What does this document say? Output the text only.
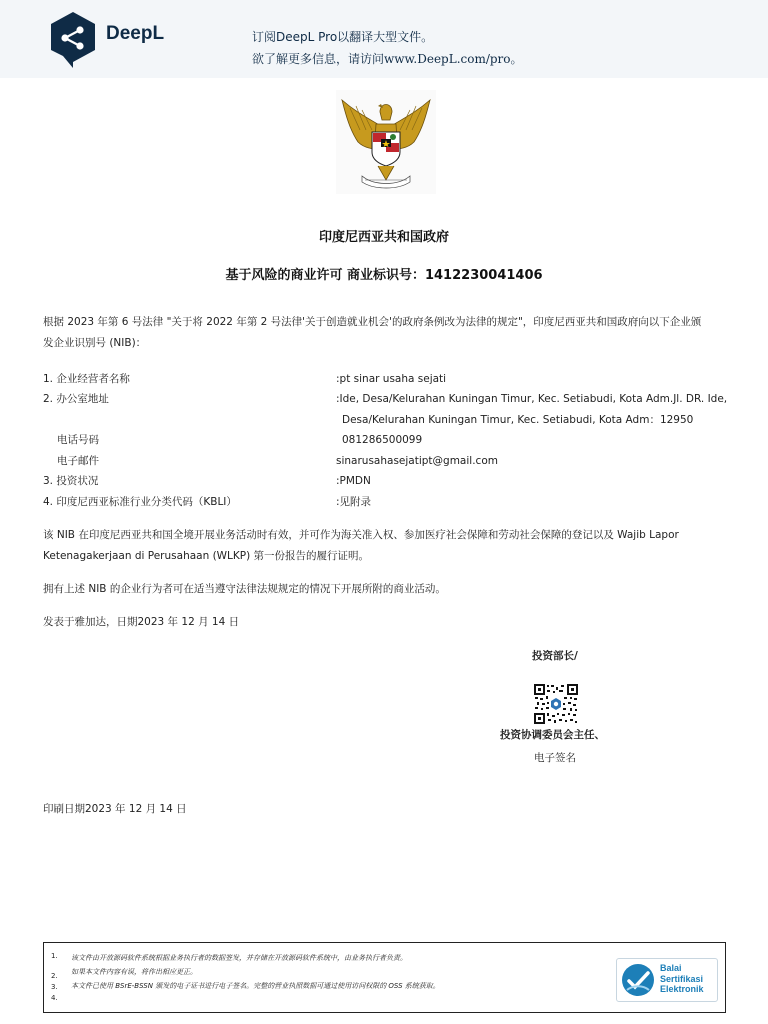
DeepL	订阅DeepL Pro以翻译大型文件。
欲了解更多信息，请访问www.DeepL.com/pro。
印度尼西亚共和国政府
基于风险的商业许可 商业标识号：1412230041406
根据 2023 年第 6 号法律 "关于将 2022 年第 2 号法律'关于创造就业机会'的政府条例改为法律的规定"，印度尼西亚共和国政府向以下企业颁
发企业识别号 (NIB)：
1. 企业经营者名称	:pt sinar usaha sejati
2. 办公室地址	:Ide, Desa/Kelurahan Kuningan Timur, Kec. Setiabudi, Kota Adm.Jl. DR. Ide,
Desa/Kelurahan Kuningan Timur, Kec. Setiabudi, Kota Adm：12950
电话号码	081286500099
电子邮件	sinarusahasejatipt@gmail.com
3. 投资状况	:PMDN
4. 印度尼西亚标准行业分类代码（KBLI）	:见附录
该 NIB 在印度尼西亚共和国全境开展业务活动时有效，并可作为海关准入权、参加医疗社会保障和劳动社会保障的登记以及 Wajib Lapor
Ketenagakerjaan di Perusahaan (WLKP) 第一份报告的履行证明。
拥有上述 NIB 的企业行为者可在适当遵守法律法规规定的情况下开展所附的商业活动。
发表于雅加达，日期2023 年 12 月 14 日
投资部长/
投资协调委员会主任、
电子签名
印刷日期2023 年 12 月 14 日
1. 该文件由开放源码软件系统根据业务执行者的数据签发，并存储在开放源码软件系统中，由业务执行者负责。
2. 如果本文件内容有误，将作出相应更正。
3. 本文件已使用 BSrE-BSSN 颁发的电子证书进行电子签名。完整的营业执照数据可通过使用访问权限的 OSS 系统获取。
4.
Balai
Sertifikasi
Elektronik
